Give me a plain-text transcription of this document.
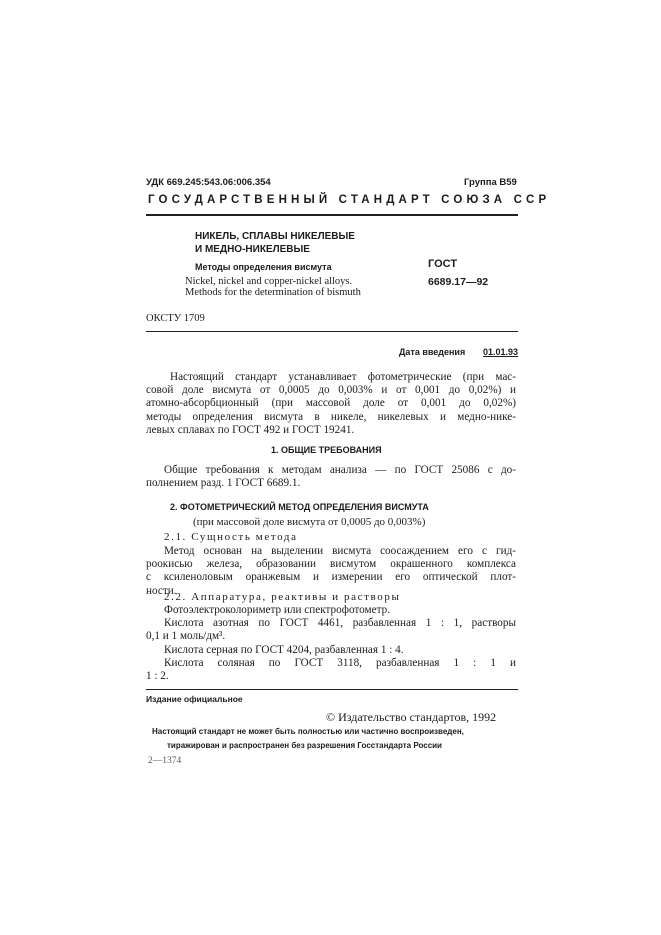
УДК 669.245:543.06:006.354	Группа В59
ГОСУДАРСТВЕННЫЙ СТАНДАРТ СОЮЗА ССР
НИКЕЛЬ, СПЛАВЫ НИКЕЛЕВЫЕ
И МЕДНО-НИКЕЛЕВЫЕ
Методы определения висмута
Nickel, nickel and copper-nickel alloys.
Methods for the determination of bismuth
ГОСТ
6689.17—92
ОКСТУ 1709
Дата введения 01.01.93
Настоящий стандарт устанавливает фотометрические (при мас-
совой доле висмута от 0,0005 до 0,003% и от 0,001 до 0,02%) и
атомно-абсорбционный (при массовой доле от 0,001 до 0,02%)
методы определения висмута в никеле, никелевых и медно-нике-
левых сплавах по ГОСТ 492 и ГОСТ 19241.
1. ОБЩИЕ ТРЕБОВАНИЯ
Общие требования к методам анализа — по ГОСТ 25086 с до-
полнением разд. 1 ГОСТ 6689.1.
2. ФОТОМЕТРИЧЕСКИЙ МЕТОД ОПРЕДЕЛЕНИЯ ВИСМУТА
(при массовой доле висмута от 0,0005 до 0,003%)
2.1. Сущность метода
Метод основан на выделении висмута соосаждением его с гид-
роокисью железа, образовании висмутом окрашенного комплекса
с ксиленоловым оранжевым и измерении его оптической плот-
ности.
2.2. Аппаратура, реактивы и растворы
Фотоэлектроколориметр или спектрофотометр.
Кислота азотная по ГОСТ 4461, разбавленная 1 : 1, растворы
0,1 и 1 моль/дм³.
Кислота серная по ГОСТ 4204, разбавленная 1 : 4.
Кислота соляная по ГОСТ 3118, разбавленная 1 : 1 и
1 : 2.
Издание официальное
© Издательство стандартов, 1992
Настоящий стандарт не может быть полностью или частично воспроизведен,
тиражирован и распространен без разрешения Госстандарта России
2—1374
